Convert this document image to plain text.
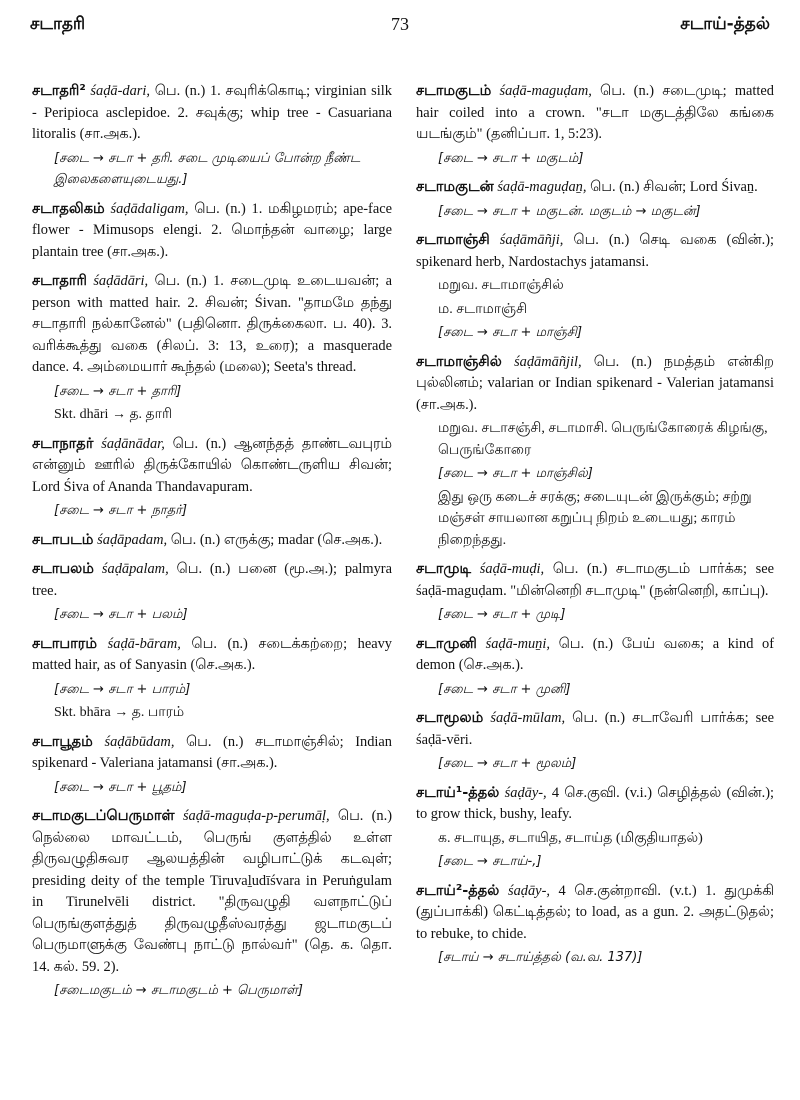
சடாதரி	73	சடாய்-த்தல்

சடாதரி² śaḍā-dari, பெ. (n.) 1. சவுரிக்கொடி; virginian silk - Peripioca asclepidoe. 2. சவுக்கு; whip tree - Casuariana litoralis (சா.அக.).

[சடை → சடா + தரி. சடை முடியைப் போன்ற நீண்ட இலைகளையுடையது.]

சடாதலிகம் śaḍādaligam, பெ. (n.) 1. மகிழமரம்; ape-face flower - Mimusops elengi. 2. மொந்தன் வாழை; large plantain tree (சா.அக.).

சடாதாரி śaḍādāri, பெ. (n.) 1. சடைமுடி உடையவன்; a person with matted hair. 2. சிவன்; Śivan. "தாமமே தந்து சடாதாரி நல்கானேல்" (பதினொ. திருக்கைலா. ப. 40). 3. வரிக்கூத்து வகை (சிலப். 3: 13, உரை); a masquerade dance. 4. அம்மையார் கூந்தல் (மலை); Seeta's thread.

[சடை → சடா + தாரி]
Skt. dhāri → த. தாரி

சடாநாதர் śaḍānādar, பெ. (n.) ஆனந்தத் தாண்டவபுரம் என்னும் ஊரில் திருக்கோயில் கொண்டருளிய சிவன்; Lord Śiva of Ananda Thandavapuram.

[சடை → சடா + நாதர்]

சடாபடம் śaḍāpadam, பெ. (n.) எருக்கு; madar (செ.அக.).

சடாபலம் śaḍāpalam, பெ. (n.) பனை (மூ.அ.); palmyra tree.

[சடை → சடா + பலம்]

சடாபாரம் śaḍā-bāram, பெ. (n.) சடைக்கற்றை; heavy matted hair, as of Sanyasin (செ.அக.).

[சடை → சடா + பாரம்]
Skt. bhāra → த. பாரம்

சடாபூதம் śaḍābūdam, பெ. (n.) சடாமாஞ்சில்; Indian spikenard - Valeriana jatamansi (சா.அக.).

[சடை → சடா + பூதம்]

சடாமகுடப்பெருமாள் śaḍā-maguḍa-p-perumāḷ, பெ. (n.) நெல்லை மாவட்டம், பெருங் குளத்தில் உள்ள திருவழுதிசுவர ஆலயத்தின் வழிபாட்டுக் கடவுள்; presiding deity of the temple Tiruvaḻudīśvara in Peruṅgulam in Tirunelvēli district. "திருவழுதி வளநாட்டுப் பெருங்குளத்துத் திருவழுதீஸ்வரத்து ஜடாமகுடப் பெருமாளுக்கு வேண்பு நாட்டு நால்வர்" (தெ. க. தொ. 14. கல். 59. 2).

[சடைமகுடம் → சடாமகுடம் + பெருமாள்]

சடாமகுடம் śaḍā-maguḍam, பெ. (n.) சடைமுடி; matted hair coiled into a crown. "சடா மகுடத்திலே கங்கை யடங்கும்" (தனிப்பா. 1, 5:23).

[சடை → சடா + மகுடம்]

சடாமகுடன் śaḍā-maguḍaṉ, பெ. (n.) சிவன்; Lord Śivaṉ.

[சடை → சடா + மகுடன். மகுடம் → மகுடன்]

சடாமாஞ்சி śaḍāmāñji, பெ. (n.) செடி வகை (வின்.); spikenard herb, Nardostachys jatamansi.

மறுவ. சடாமாஞ்சில்
ம. சடாமாஞ்சி
[சடை → சடா + மாஞ்சி]

சடாமாஞ்சில் śaḍāmāñjil, பெ. (n.) நமத்தம் என்கிற புல்லினம்; valarian or Indian spikenard - Valerian jatamansi (சா.அக.).

மறுவ. சடாசஞ்சி, சடாமாசி. பெருங்கோரைக் கிழங்கு, பெருங்கோரை
[சடை → சடா + மாஞ்சில்]
இது ஒரு கடைச் சரக்கு; சடையுடன் இருக்கும்; சற்று மஞ்சள் சாயலான கறுப்பு நிறம் உடையது; காரம் நிறைந்தது.

சடாமுடி śaḍā-muḍi, பெ. (n.) சடாமகுடம் பார்க்க; see śaḍā-maguḍam. "மின்னெறி சடாமுடி" (நன்னெறி, காப்பு).

[சடை → சடா + முடி]

சடாமுனி śaḍā-muṉi, பெ. (n.) பேய் வகை; a kind of demon (செ.அக.).

[சடை → சடா + முனி]

சடாமூலம் śaḍā-mūlam, பெ. (n.) சடாவேரி பார்க்க; see śaḍā-vēri.

[சடை → சடா + மூலம்]

சடாய்¹-த்தல் śaḍāy-, 4 செ.குவி. (v.i.) செழித்தல் (வின்.); to grow thick, bushy, leafy.

க. சடாயுத, சடாயித, சடாய்த (மிகுதியாதல்)
[சடை → சடாய்-,]

சடாய்²-த்தல் śaḍāy-, 4 செ.குன்றாவி. (v.t.) 1. துமுக்கி (துப்பாக்கி) கெட்டித்தல்; to load, as a gun. 2. அதட்டுதல்; to rebuke, to chide.

[சடாய் → சடாய்த்தல் (வ.வ. 137)]
